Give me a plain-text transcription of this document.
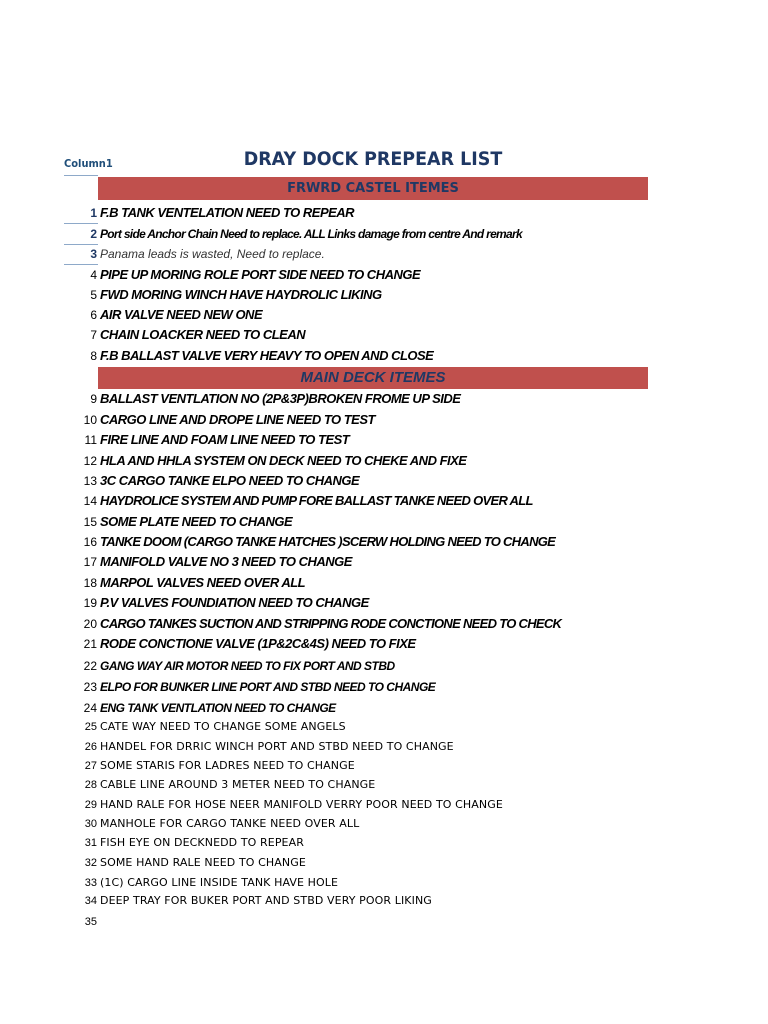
Column1	DRAY DOCK PREPEAR LIST
FRWRD CASTEL ITEMES
MAIN DECK ITEMES
1 F.B TANK VENTELATION NEED TO REPEAR
2 Port side Anchor Chain Need to replace. ALL Links damage from centre And remark
3 Panama leads is wasted, Need to replace.
4 PIPE UP MORING ROLE PORT SIDE NEED TO CHANGE
5 FWD MORING WINCH HAVE HAYDROLIC LIKING
6 AIR VALVE NEED NEW ONE
7 CHAIN LOACKER NEED TO CLEAN
8 F.B BALLAST VALVE VERY HEAVY TO OPEN AND CLOSE
9 BALLAST VENTLATION NO (2P&3P)BROKEN FROME UP SIDE
10 CARGO LINE AND DROPE LINE NEED TO TEST
11 FIRE LINE AND FOAM LINE NEED TO TEST
12 HLA AND HHLA SYSTEM ON DECK NEED TO CHEKE AND FIXE
13 3C CARGO TANKE ELPO NEED TO CHANGE
14 HAYDROLICE SYSTEM AND PUMP FORE BALLAST TANKE NEED OVER ALL
15 SOME PLATE NEED TO CHANGE
16 TANKE DOOM (CARGO TANKE HATCHES )SCERW HOLDING NEED TO CHANGE
17 MANIFOLD VALVE NO 3 NEED TO CHANGE
18 MARPOL VALVES NEED OVER ALL
19 P.V VALVES FOUNDIATION NEED TO CHANGE
20 CARGO TANKES SUCTION AND STRIPPING RODE CONCTIONE NEED TO CHECK
21 RODE CONCTIONE VALVE (1P&2C&4S) NEED TO FIXE
22 GANG WAY AIR MOTOR NEED TO FIX PORT AND STBD
23 ELPO FOR BUNKER LINE PORT AND STBD NEED TO CHANGE
24 ENG TANK VENTLATION NEED TO CHANGE
25 CATE WAY NEED TO CHANGE SOME ANGELS
26 HANDEL FOR DRRIC WINCH PORT AND STBD NEED TO CHANGE
27 SOME STARIS FOR LADRES NEED TO CHANGE
28 CABLE LINE AROUND 3 METER NEED TO CHANGE
29 HAND RALE FOR HOSE NEER MANIFOLD VERRY POOR NEED TO CHANGE
30 MANHOLE FOR CARGO TANKE NEED OVER ALL
31 FISH EYE ON DECKNEDD TO REPEAR
32 SOME HAND RALE NEED TO CHANGE
33 (1C) CARGO LINE INSIDE TANK HAVE HOLE
34 DEEP TRAY FOR BUKER PORT AND STBD VERY POOR LIKING
35
